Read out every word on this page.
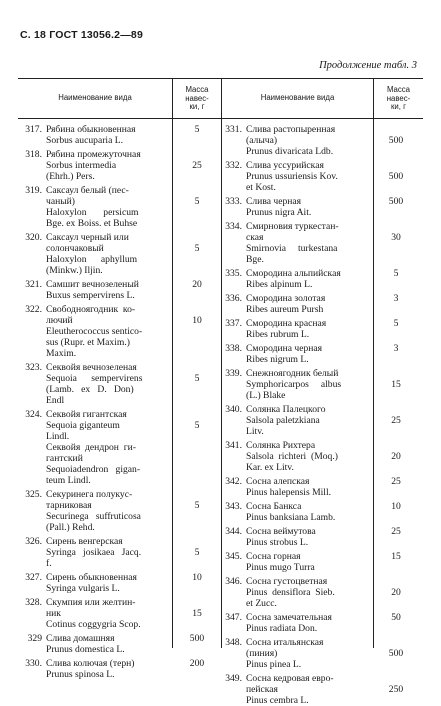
С. 18 ГОСТ 13056.2—89
Продолжение табл. 3
Наименование вида
Масса
навес-
ки, г
Наименование вида
Масса
навес-
ки, г
317. Рябина обыкновенная
Sorbus aucuparia L.
5
318. Рябина промежуточная
Sorbus intermedia
(Ehrh.) Pers.
25
319. Саксаул белый (пес-
чаный)
Haloxylon       persicum
Bge. ex Boiss. et Buhse
5
320. Саксаул черный или
солончаковый
Haloxylon      aphyllum
(Minkw.) Iljin.
5
321. Самшит вечнозеленый
Buxus sempervirens L.
20
322. Свободноягодник  ко-
лючий
Eleutherococcus senticо-
sus (Rupr. et Maxim.)
Maxim.
10
323. Секвойя вечнозеленая
Sequoia      sempervirens
(Lamb.   ex   D.   Don)
Endl
5
324. Секвойя гигантская
Sequoia giganteum
Lindl.
Секвойя  дендрон  ги-
гантский
Sequoiadendron   gigan-
teum Lindl.
5
325. Секуринега полукус-
тарниковая
Securinega   suffruticosa
(Pall.) Rehd.
5
326. Сирень венгерская
Syringa   josikaea   Jacq.
f.
5
327. Сирень обыкновенная
Syringa vulgaris L.
10
328. Скумпия или желтин-
ник
Cotinus coggygria Scop.
15
329 Слива домашняя
Prunus domestica L.
500
330. Слива колючая (терн)
Prunus spinosa L.
200
331. Слива растопыренная
(алыча)
Prunus divaricata Ldb.
500
332. Слива уссурийская
Prunus ussuriensis Kov.
et Kost.
500
333. Слива черная
Prunus nigra Ait.
500
334. Смирновия туркестан-
ская
Smirnovia     turkestana
Bge.
30
335. Смородина альпийская
Ribes alpinum L.
5
336. Смородина золотая
Ribes aureum Pursh
3
337. Смородина красная
Ribes rubrum L.
5
338. Смородина черная
Ribes nigrum L.
3
339. Снежноягодник белый
Symphoricarpos     albus
(L.) Blake
15
340. Солянка Палецкого
Salsola paletzkiana
Litv.
25
341. Солянка Рихтера
Salsola  richteri  (Moq.)
Kar. ex Litv.
20
342. Сосна алепская
Pinus halepensis Mill.
25
343. Сосна Банкса
Pinus banksiana Lamb.
10
344. Сосна веймутова
Pinus strobus L.
25
345. Сосна горная
Pinus mugo Turra
15
346. Сосна густоцветная
Pinus  densiflora  Sieb.
et Zucc.
20
347. Сосна замечательная
Pinus radiata Don.
50
348. Сосна итальянская
(пиния)
Pinus pinea L.
500
349. Сосна кедровая евро-
пейская
Pinus cembra L.
250
